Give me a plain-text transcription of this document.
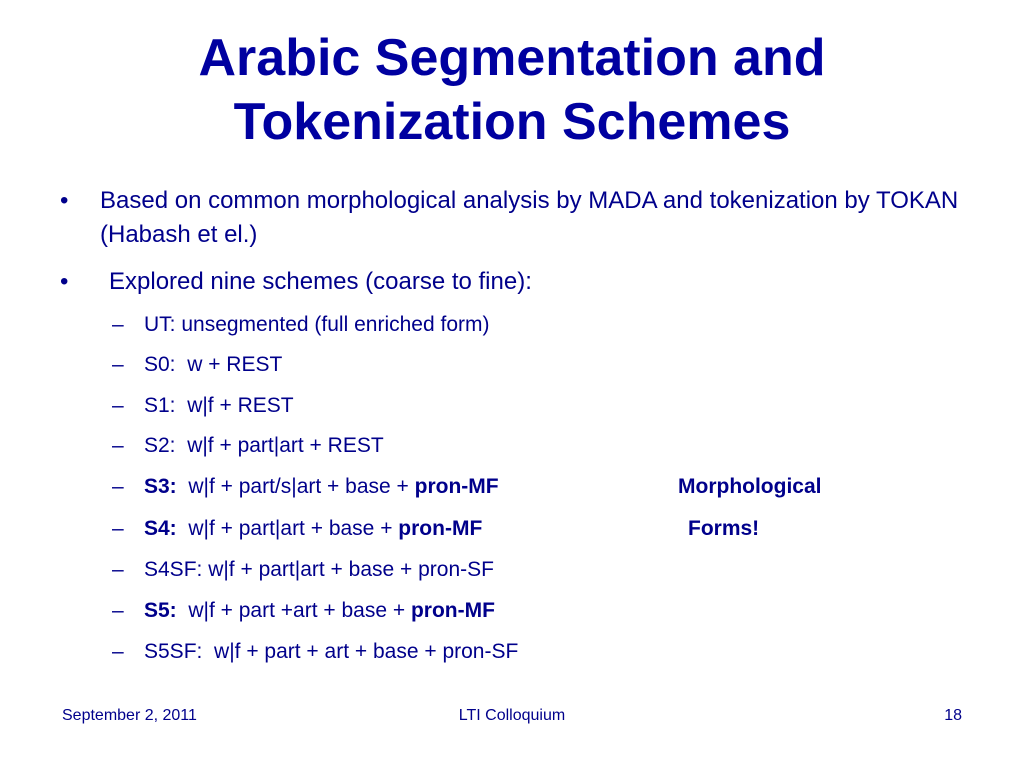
Arabic Segmentation and
Tokenization Schemes
• Based on common morphological analysis by MADA and tokenization by TOKAN (Habash et el.)
• Explored nine schemes (coarse to fine):
– UT: unsegmented (full enriched form)
– S0:  w + REST
– S1:  w|f + REST
– S2:  w|f + part|art + REST
– S3:  w|f + part/s|art + base + pron-MF
– S4:  w|f + part|art + base + pron-MF
– S4SF: w|f + part|art + base + pron-SF
– S5:  w|f + part +art + base + pron-MF
– S5SF:  w|f + part + art + base + pron-SF
Morphological
Forms!
September 2, 2011	LTI Colloquium	18
